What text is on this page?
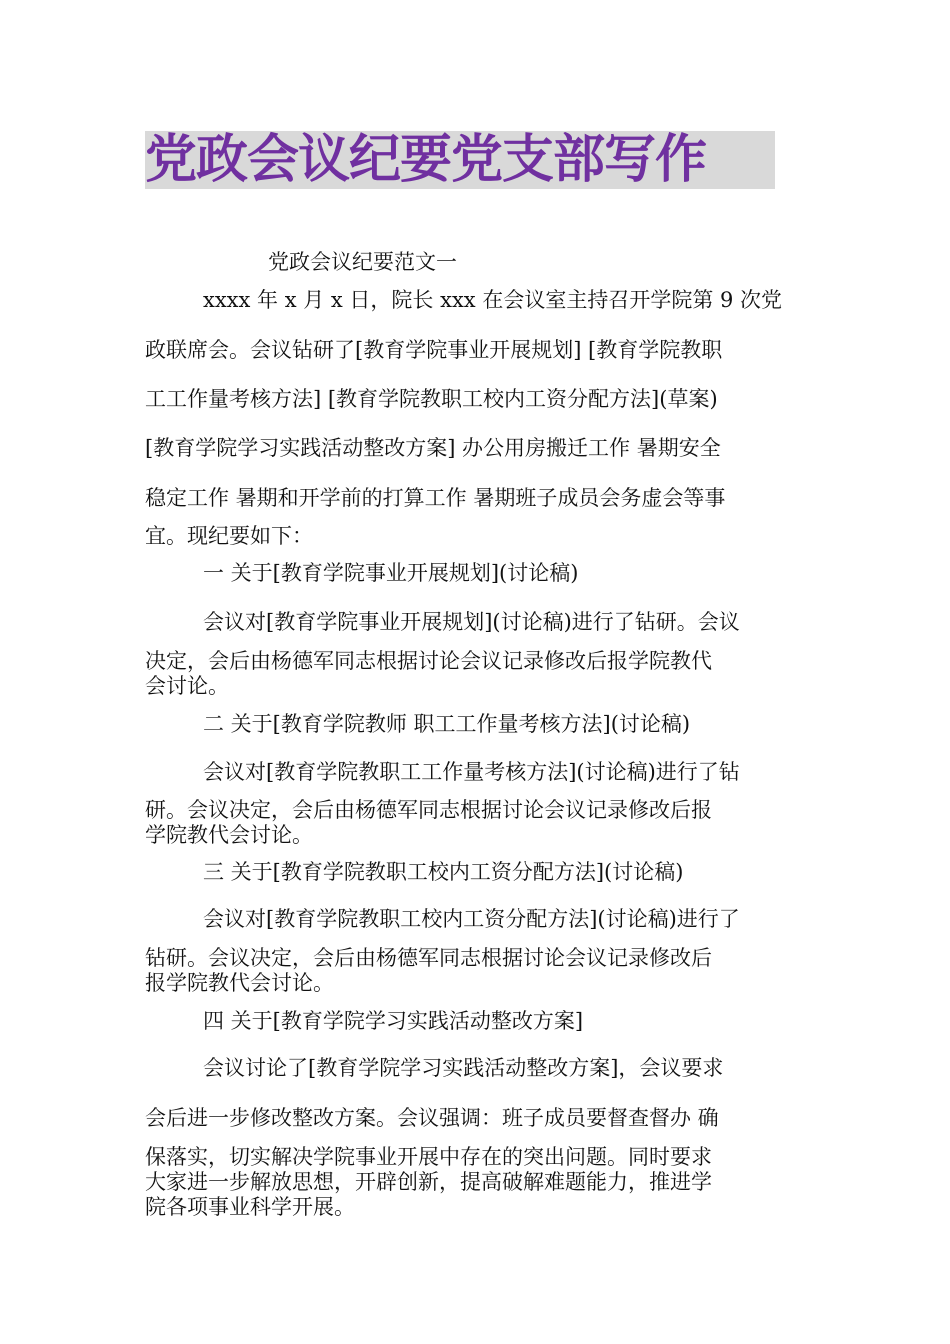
党政会议纪要党支部写作
党政会议纪要范文一
xxxx 年 x 月 x 日，院长 xxx 在会议室主持召开学院第 9 次党
政联席会。会议钻研了[教育学院事业开展规划] [教育学院教职
工工作量考核方法] [教育学院教职工校内工资分配方法](草案)
[教育学院学习实践活动整改方案] 办公用房搬迁工作 暑期安全
稳定工作 暑期和开学前的打算工作 暑期班子成员会务虚会等事
宜。现纪要如下：
一 关于[教育学院事业开展规划](讨论稿)
会议对[教育学院事业开展规划](讨论稿)进行了钻研。会议
决定，会后由杨德军同志根据讨论会议记录修改后报学院教代
会讨论。
二 关于[教育学院教师 职工工作量考核方法](讨论稿)
会议对[教育学院教职工工作量考核方法](讨论稿)进行了钻
研。会议决定，会后由杨德军同志根据讨论会议记录修改后报
学院教代会讨论。
三 关于[教育学院教职工校内工资分配方法](讨论稿)
会议对[教育学院教职工校内工资分配方法](讨论稿)进行了
钻研。会议决定，会后由杨德军同志根据讨论会议记录修改后
报学院教代会讨论。
四 关于[教育学院学习实践活动整改方案]
会议讨论了[教育学院学习实践活动整改方案]，会议要求
会后进一步修改整改方案。会议强调：班子成员要督查督办 确
保落实，切实解决学院事业开展中存在的突出问题。同时要求
大家进一步解放思想，开辟创新，提高破解难题能力，推进学
院各项事业科学开展。
